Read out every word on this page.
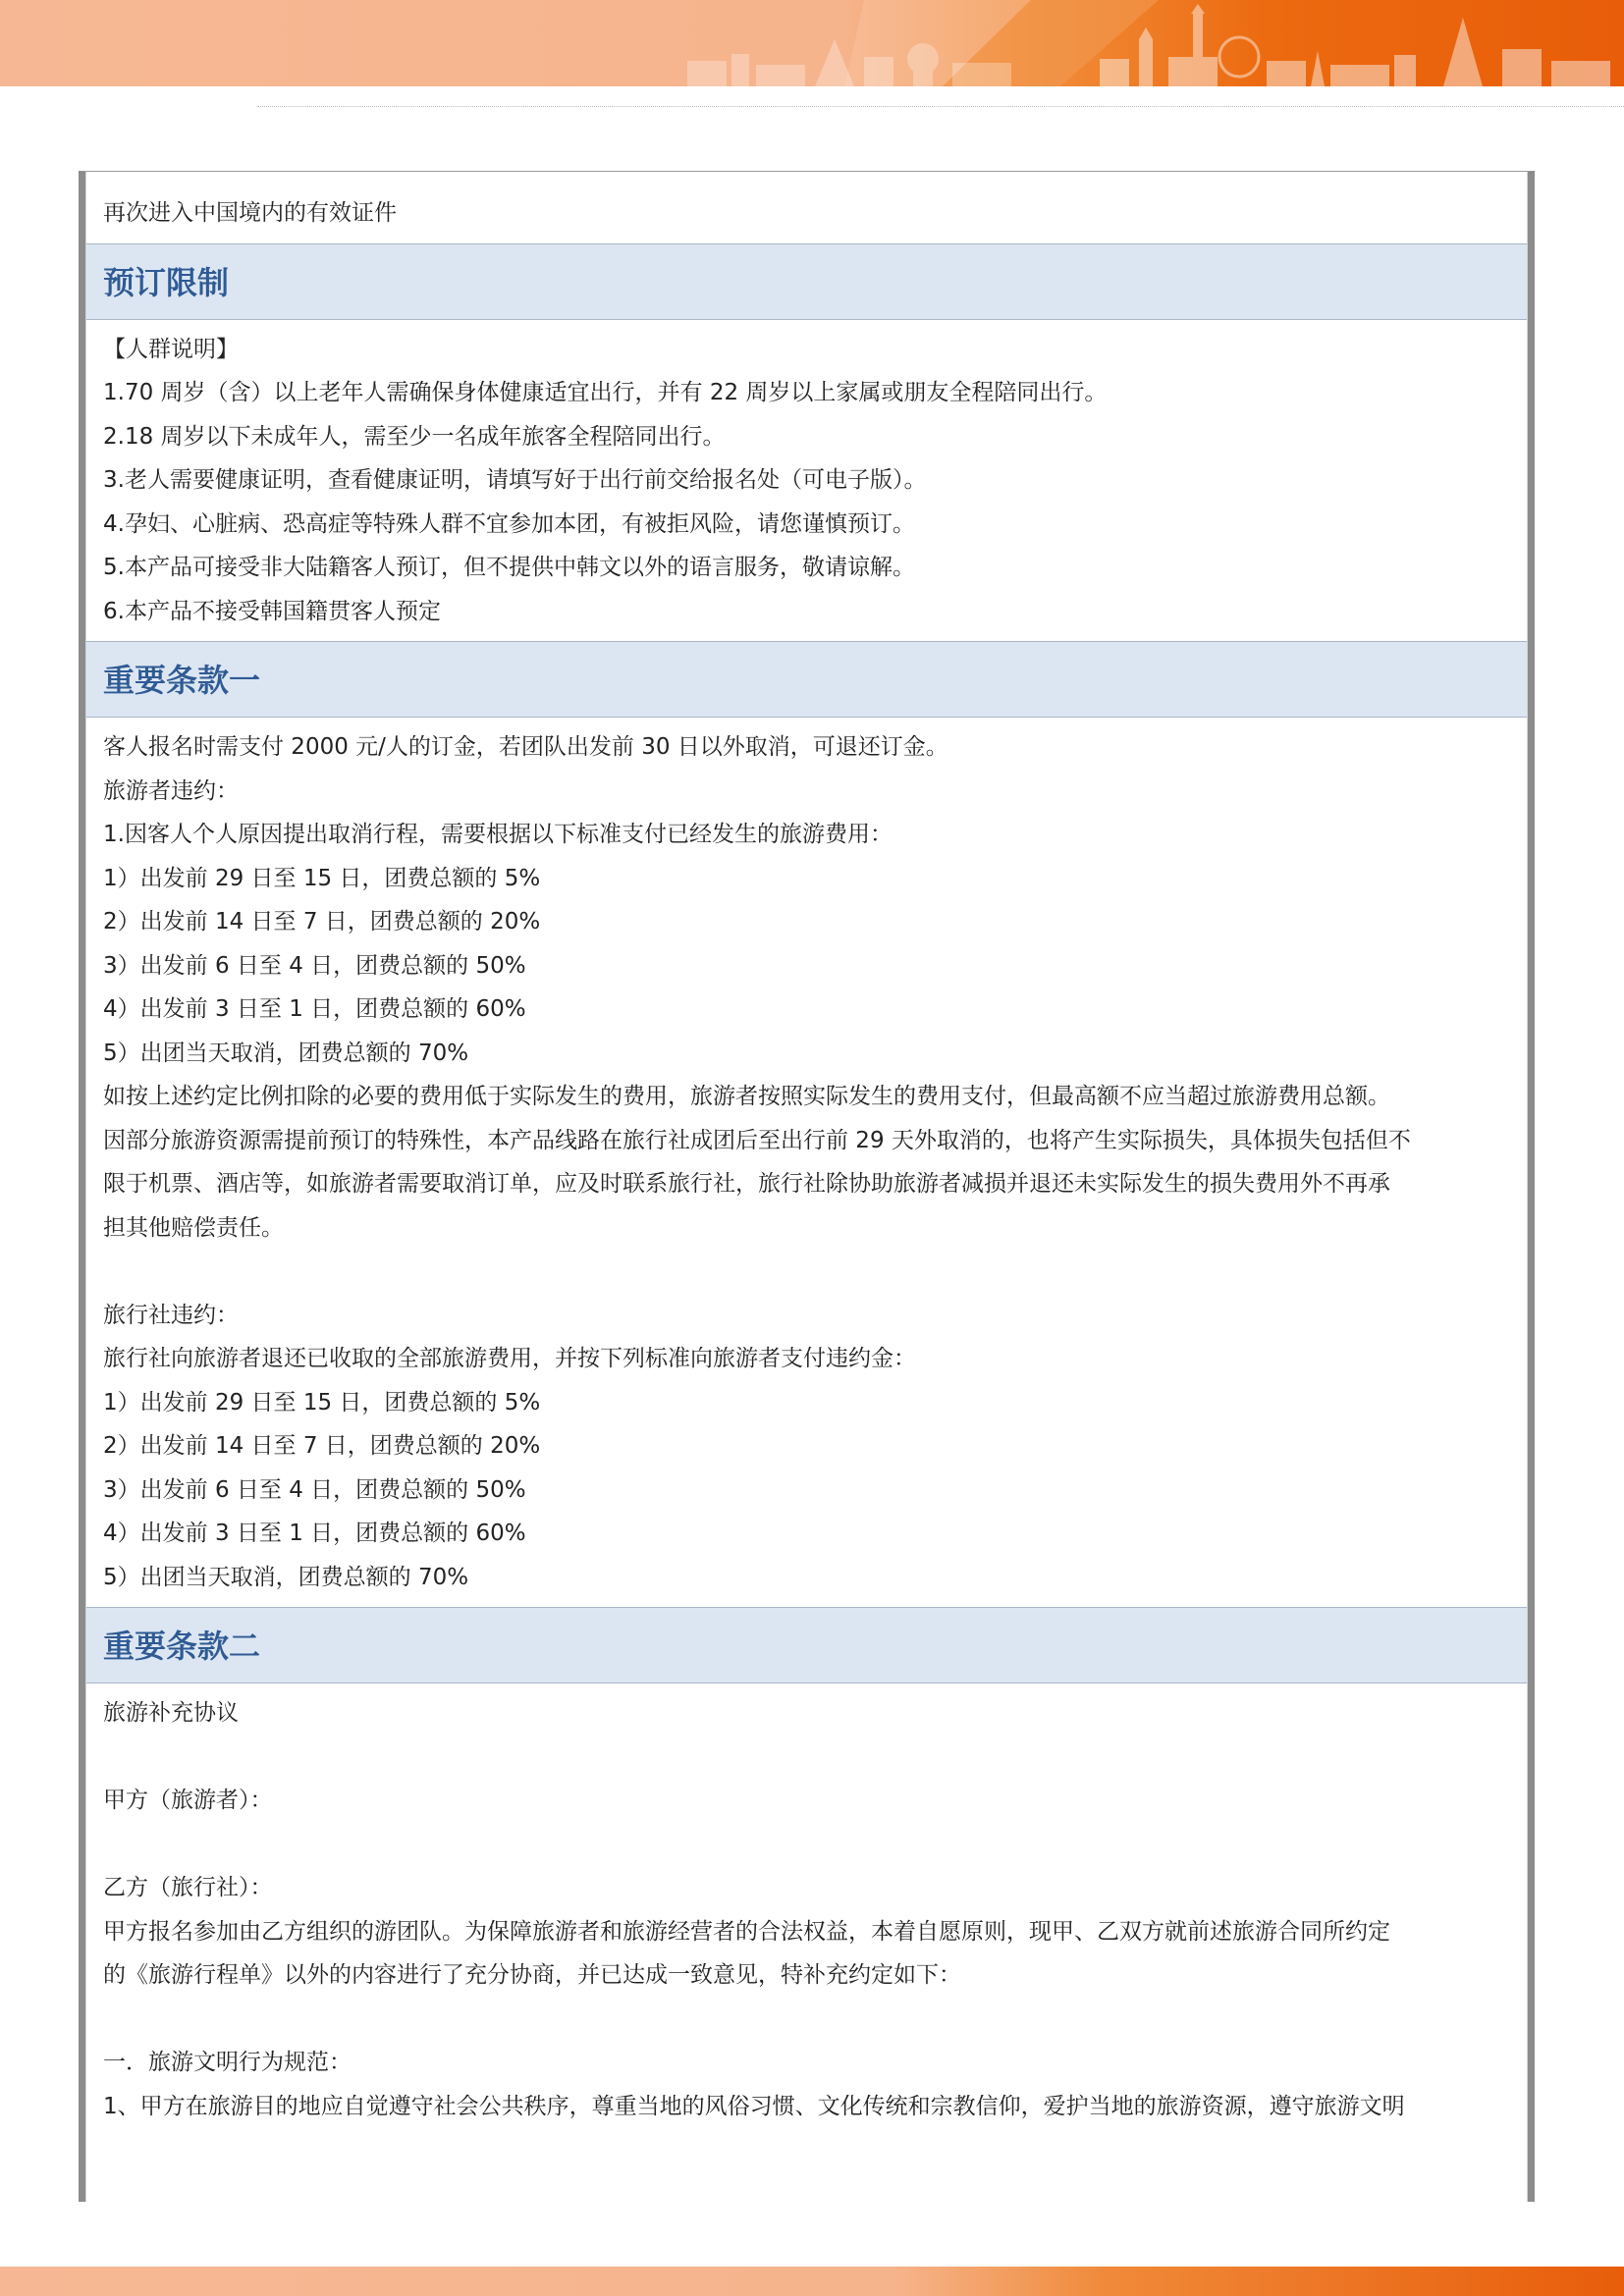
再次进入中国境内的有效证件
预订限制
【人群说明】
1.70 周岁（含）以上老年人需确保身体健康适宜出行，并有 22 周岁以上家属或朋友全程陪同出行。
2.18 周岁以下未成年人，需至少一名成年旅客全程陪同出行。
3.老人需要健康证明，查看健康证明，请填写好于出行前交给报名处（可电子版）。
4.孕妇、心脏病、恐高症等特殊人群不宜参加本团，有被拒风险，请您谨慎预订。
5.本产品可接受非大陆籍客人预订，但不提供中韩文以外的语言服务，敬请谅解。
6.本产品不接受韩国籍贯客人预定
重要条款一
客人报名时需支付 2000 元/人的订金，若团队出发前 30 日以外取消，可退还订金。
旅游者违约：
1.因客人个人原因提出取消行程，需要根据以下标准支付已经发生的旅游费用：
1）出发前 29 日至 15 日，团费总额的 5%
2）出发前 14 日至 7 日，团费总额的 20%
3）出发前 6 日至 4 日，团费总额的 50%
4）出发前 3 日至 1 日，团费总额的 60%
5）出团当天取消，团费总额的 70%
如按上述约定比例扣除的必要的费用低于实际发生的费用，旅游者按照实际发生的费用支付，但最高额不应当超过旅游费用总额。
因部分旅游资源需提前预订的特殊性，本产品线路在旅行社成团后至出行前 29 天外取消的，也将产生实际损失，具体损失包括但不
限于机票、酒店等，如旅游者需要取消订单，应及时联系旅行社，旅行社除协助旅游者减损并退还未实际发生的损失费用外不再承
担其他赔偿责任。
旅行社违约：
旅行社向旅游者退还已收取的全部旅游费用，并按下列标准向旅游者支付违约金：
1）出发前 29 日至 15 日，团费总额的 5%
2）出发前 14 日至 7 日，团费总额的 20%
3）出发前 6 日至 4 日，团费总额的 50%
4）出发前 3 日至 1 日，团费总额的 60%
5）出团当天取消，团费总额的 70%
重要条款二
旅游补充协议
甲方（旅游者）：
乙方（旅行社）：
甲方报名参加由乙方组织的游团队。为保障旅游者和旅游经营者的合法权益，本着自愿原则，现甲、乙双方就前述旅游合同所约定
的《旅游行程单》以外的内容进行了充分协商，并已达成一致意见，特补充约定如下：
一．旅游文明行为规范：
1、甲方在旅游目的地应自觉遵守社会公共秩序，尊重当地的风俗习惯、文化传统和宗教信仰，爱护当地的旅游资源，遵守旅游文明
